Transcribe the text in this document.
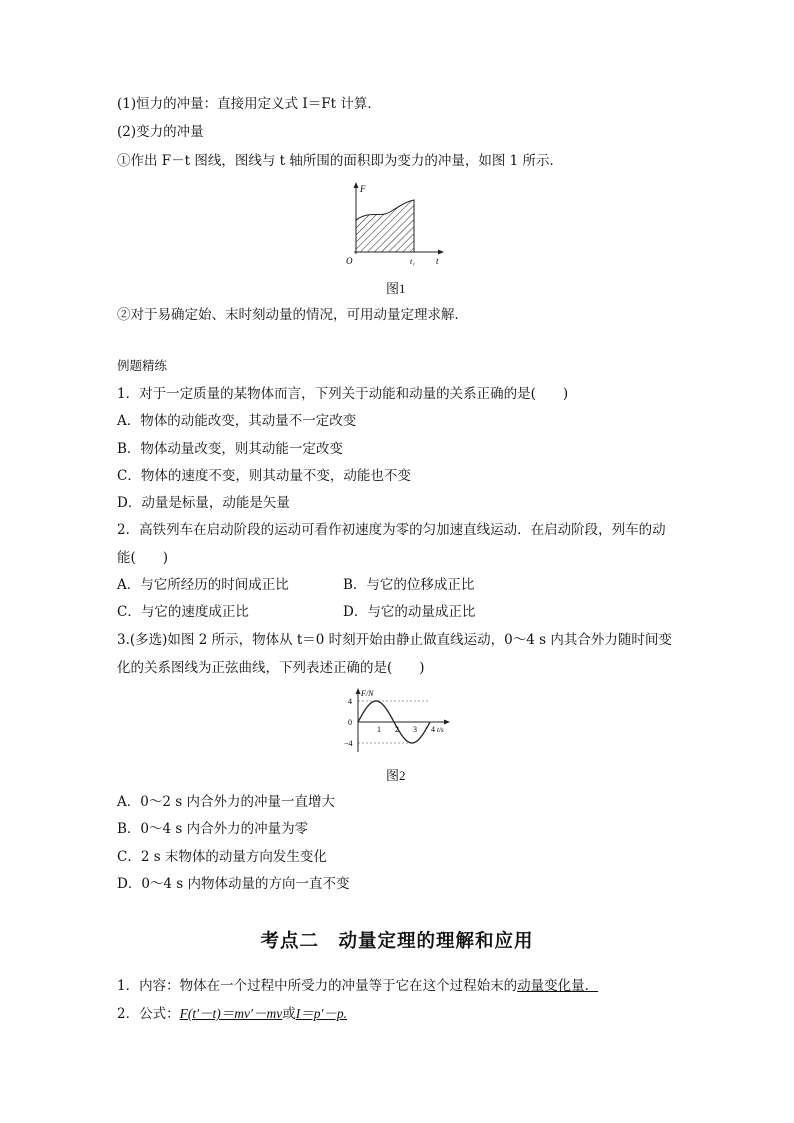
(1)恒力的冲量：直接用定义式 I＝Ft 计算．
(2)变力的冲量
①作出 F－t 图线，图线与 t 轴所围的面积即为变力的冲量，如图 1 所示．
F
O	t₁ t
图1
②对于易确定始、末时刻动量的情况，可用动量定理求解．
例题精练
1．对于一定质量的某物体而言，下列关于动能和动量的关系正确的是(　　)
A．物体的动能改变，其动量不一定改变
B．物体动量改变，则其动能一定改变
C．物体的速度不变，则其动量不变，动能也不变
D．动量是标量，动能是矢量
2．高铁列车在启动阶段的运动可看作初速度为零的匀加速直线运动．在启动阶段，列车的动
能(　　)
A．与它所经历的时间成正比	B．与它的位移成正比
C．与它的速度成正比	D．与它的动量成正比
3.(多选)如图 2 所示，物体从 t＝0 时刻开始由静止做直线运动，0～4 s 内其合外力随时间变
化的关系图线为正弦曲线，下列表述正确的是(　　)
F/N
4
0
−4
1 2 3 4 t/s
图2
A．0～2 s 内合外力的冲量一直增大
B．0～4 s 内合外力的冲量为零
C．2 s 末物体的动量方向发生变化
D．0～4 s 内物体动量的方向一直不变
考点二　动量定理的理解和应用
1．内容：物体在一个过程中所受力的冲量等于它在这个过程始末的动量变化量．
2．公式：F(t′－t)＝mv′－mv或I＝p′－p.
